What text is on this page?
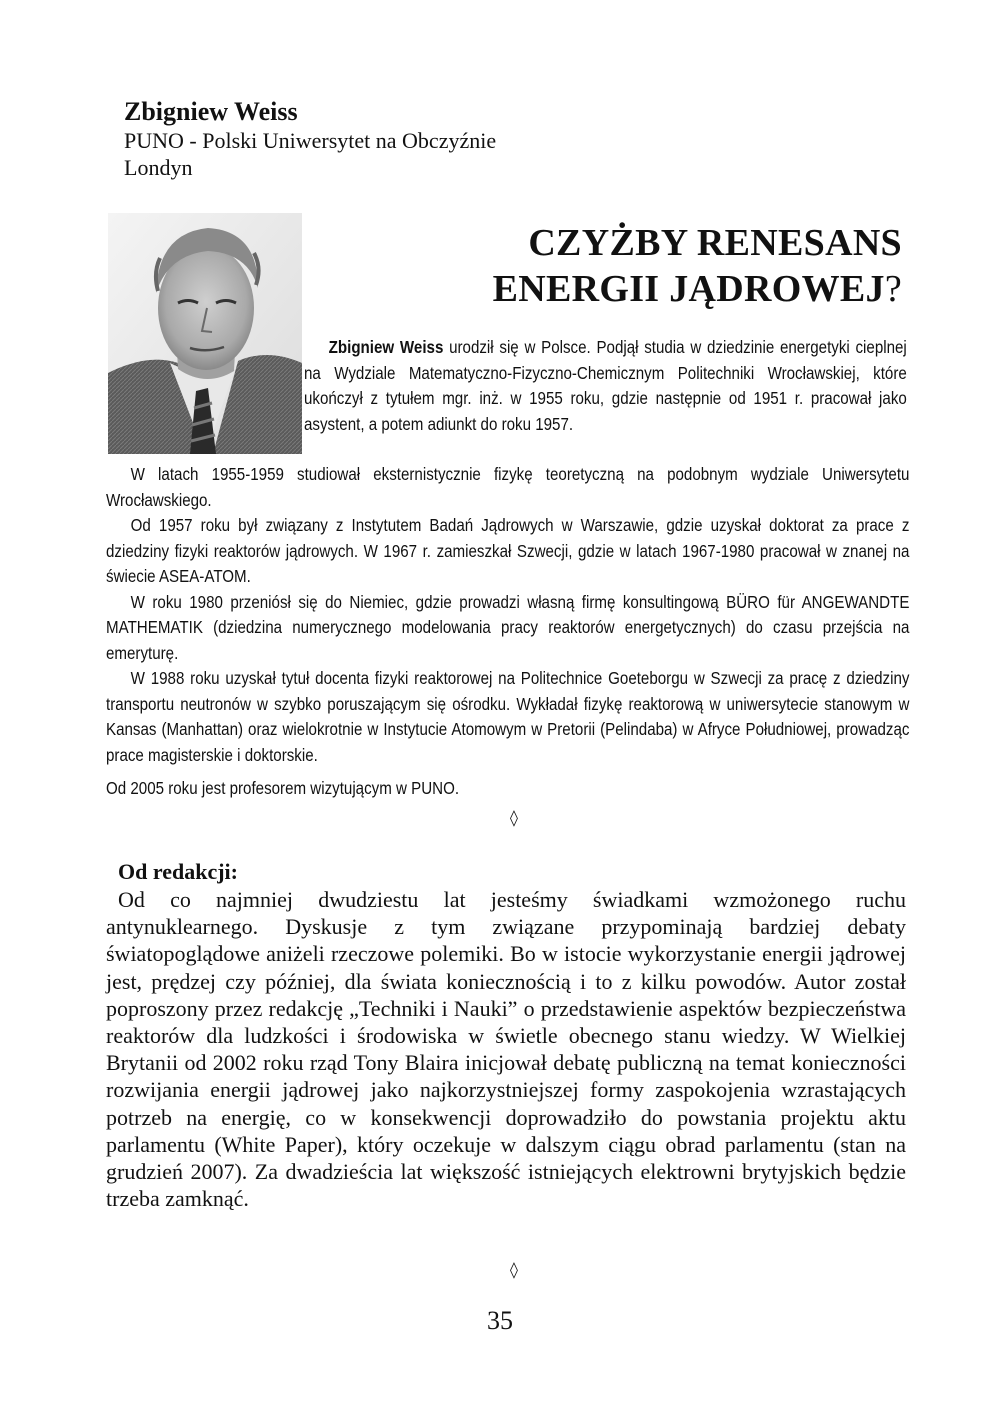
Zbigniew Weiss
PUNO - Polski Uniwersytet na Obczyźnie
Londyn
CZYŻBY RENESANS
ENERGII JĄDROWEJ?

Zbigniew Weiss urodził się w Polsce. Podjął studia w dziedzinie energetyki cieplnej na Wydziale Matematyczno-Fizyczno-Chemicznym Politechniki Wrocławskiej, które ukończył z tytułem mgr. inż. w 1955 roku, gdzie następnie od 1951 r. pracował jako asystent, a potem adiunkt do roku 1957.

W latach 1955-1959 studiował eksternistycznie fizykę teoretyczną na podobnym wydziale Uniwersytetu Wrocławskiego.

Od 1957 roku był związany z Instytutem Badań Jądrowych w Warszawie, gdzie uzyskał doktorat za prace z dziedziny fizyki reaktorów jądrowych. W 1967 r. zamieszkał Szwecji, gdzie w latach 1967-1980 pracował w znanej na świecie ASEA-ATOM.

W roku 1980 przeniósł się do Niemiec, gdzie prowadzi własną firmę konsultingową BÜRO für ANGEWANDTE MATHEMATIK (dziedzina numerycznego modelowania pracy reaktorów energetycznych) do czasu przejścia na emeryturę.

W 1988 roku uzyskał tytuł docenta fizyki reaktorowej na Politechnice Goeteborgu w Szwecji za pracę z dziedziny transportu neutronów w szybko poruszającym się ośrodku. Wykładał fizykę reaktorową w uniwersytecie stanowym w Kansas (Manhattan) oraz wielokrotnie w Instytucie Atomowym w Pretorii (Pelindaba) w Afryce Południowej, prowadząc prace magisterskie i doktorskie.

Od 2005 roku jest profesorem wizytującym w PUNO.

◊
Od redakcji:

Od co najmniej dwudziestu lat jesteśmy świadkami wzmożonego ruchu antynuklearnego. Dyskusje z tym związane przypominają bardziej debaty światopoglądowe aniżeli rzeczowe polemiki. Bo w istocie wykorzystanie energii jądrowej jest, prędzej czy później, dla świata koniecznością i to z kilku powodów. Autor został poproszony przez redakcję „Techniki i Nauki” o przedstawienie aspektów bezpieczeństwa reaktorów dla ludzkości i środowiska w świetle obecnego stanu wiedzy. W Wielkiej Brytanii od 2002 roku rząd Tony Blaira inicjował debatę publiczną na temat konieczności rozwijania energii jądrowej jako najkorzystniejszej formy zaspokojenia wzrastających potrzeb na energię, co w konsekwencji doprowadziło do powstania projektu aktu parlamentu (White Paper), który oczekuje w dalszym ciągu obrad parlamentu (stan na grudzień 2007). Za dwadzieścia lat większość istniejących elektrowni brytyjskich będzie trzeba zamknąć.

◊
35
